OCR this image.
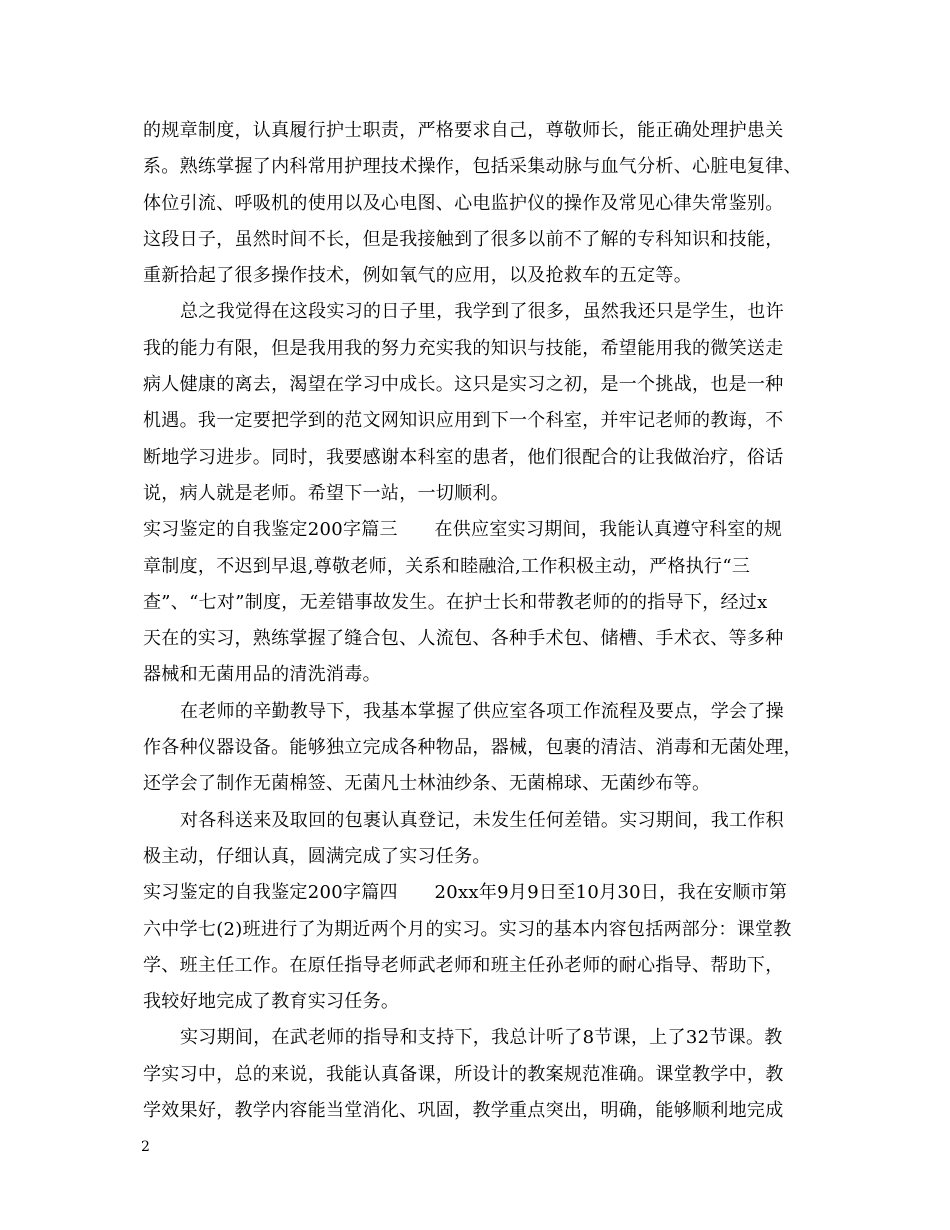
的规章制度，认真履行护士职责，严格要求自己，尊敬师长，能正确处理护患关
系。熟练掌握了内科常用护理技术操作，包括采集动脉与血气分析、心脏电复律、
体位引流、呼吸机的使用以及心电图、心电监护仪的操作及常见心律失常鉴别。
这段日子，虽然时间不长，但是我接触到了很多以前不了解的专科知识和技能，
重新拾起了很多操作技术，例如氧气的应用，以及抢救车的五定等。
总之我觉得在这段实习的日子里，我学到了很多，虽然我还只是学生，也许
我的能力有限，但是我用我的努力充实我的知识与技能，希望能用我的微笑送走
病人健康的离去，渴望在学习中成长。这只是实习之初，是一个挑战，也是一种
机遇。我一定要把学到的范文网知识应用到下一个科室，并牢记老师的教诲，不
断地学习进步。同时，我要感谢本科室的患者，他们很配合的让我做治疗，俗话
说，病人就是老师。希望下一站，一切顺利。
实习鉴定的自我鉴定200字篇三　　在供应室实习期间，我能认真遵守科室的规
章制度，不迟到早退,尊敬老师，关系和睦融洽,工作积极主动，严格执行“三
查”、“七对”制度，无差错事故发生。在护士长和带教老师的的指导下，经过x
天在的实习，熟练掌握了缝合包、人流包、各种手术包、储槽、手术衣、等多种
器械和无菌用品的清洗消毒。
在老师的辛勤教导下，我基本掌握了供应室各项工作流程及要点，学会了操
作各种仪器设备。能够独立完成各种物品，器械，包裹的清洁、消毒和无菌处理，
还学会了制作无菌棉签、无菌凡士林油纱条、无菌棉球、无菌纱布等。
对各科送来及取回的包裹认真登记，未发生任何差错。实习期间，我工作积
极主动，仔细认真，圆满完成了实习任务。
实习鉴定的自我鉴定200字篇四　　20xx年9月9日至10月30日，我在安顺市第
六中学七(2)班进行了为期近两个月的实习。实习的基本内容包括两部分：课堂教
学、班主任工作。在原任指导老师武老师和班主任孙老师的耐心指导、帮助下，
我较好地完成了教育实习任务。
实习期间，在武老师的指导和支持下，我总计听了8节课，上了32节课。教
学实习中，总的来说，我能认真备课，所设计的教案规范准确。课堂教学中，教
学效果好，教学内容能当堂消化、巩固，教学重点突出，明确，能够顺利地完成
2
